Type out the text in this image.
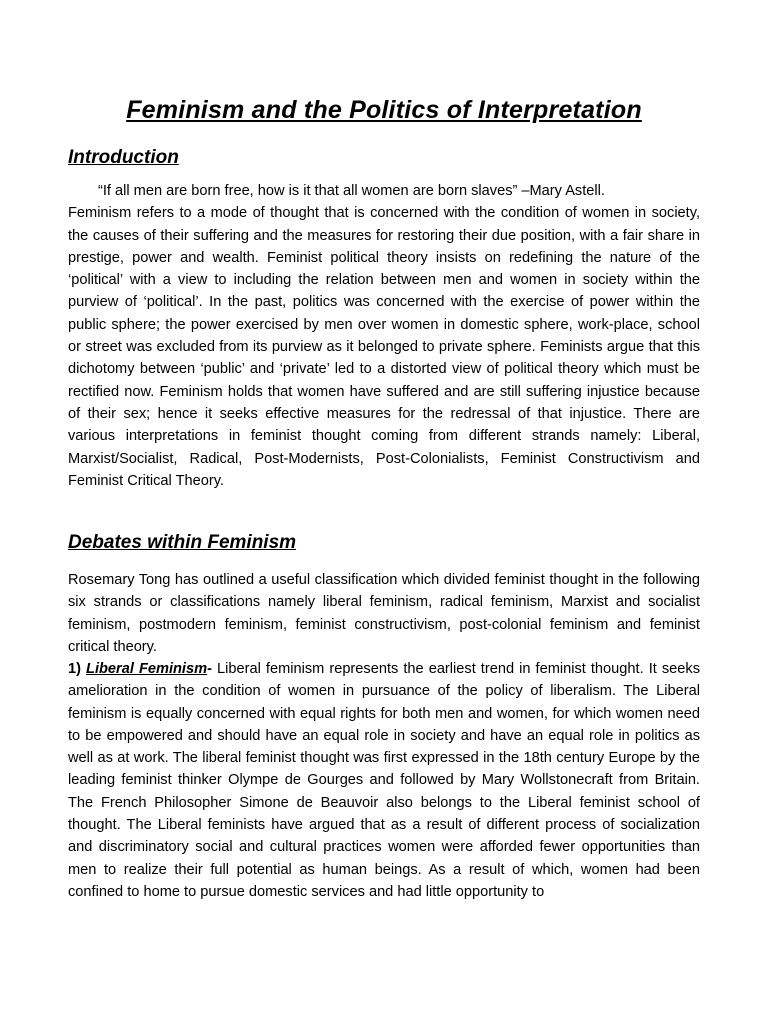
Feminism and the Politics of Interpretation
Introduction

“If all men are born free, how is it that all women are born slaves” –Mary Astell.
Feminism refers to a mode of thought that is concerned with the condition of women in society, the causes of their suffering and the measures for restoring their due position, with a fair share in prestige, power and wealth. Feminist political theory insists on redefining the nature of the ‘political’ with a view to including the relation between men and women in society within the purview of ‘political’. In the past, politics was concerned with the exercise of power within the public sphere; the power exercised by men over women in domestic sphere, work-place, school or street was excluded from its purview as it belonged to private sphere. Feminists argue that this dichotomy between ‘public’ and ‘private’ led to a distorted view of political theory which must be rectified now. Feminism holds that women have suffered and are still suffering injustice because of their sex; hence it seeks effective measures for the redressal of that injustice. There are various interpretations in feminist thought coming from different strands namely: Liberal, Marxist/Socialist, Radical, Post-Modernists, Post-Colonialists, Feminist Constructivism and Feminist Critical Theory.

Debates within Feminism

Rosemary Tong has outlined a useful classification which divided feminist thought in the following six strands or classifications namely liberal feminism, radical feminism, Marxist and socialist feminism, postmodern feminism, feminist constructivism, post-colonial feminism and feminist critical theory.

1) Liberal Feminism- Liberal feminism represents the earliest trend in feminist thought. It seeks amelioration in the condition of women in pursuance of the policy of liberalism. The Liberal feminism is equally concerned with equal rights for both men and women, for which women need to be empowered and should have an equal role in society and have an equal role in politics as well as at work. The liberal feminist thought was first expressed in the 18th century Europe by the leading feminist thinker Olympe de Gourges and followed by Mary Wollstonecraft from Britain. The French Philosopher Simone de Beauvoir also belongs to the Liberal feminist school of thought. The Liberal feminists have argued that as a result of different process of socialization and discriminatory social and cultural practices women were afforded fewer opportunities than men to realize their full potential as human beings. As a result of which, women had been confined to home to pursue domestic services and had little opportunity to
